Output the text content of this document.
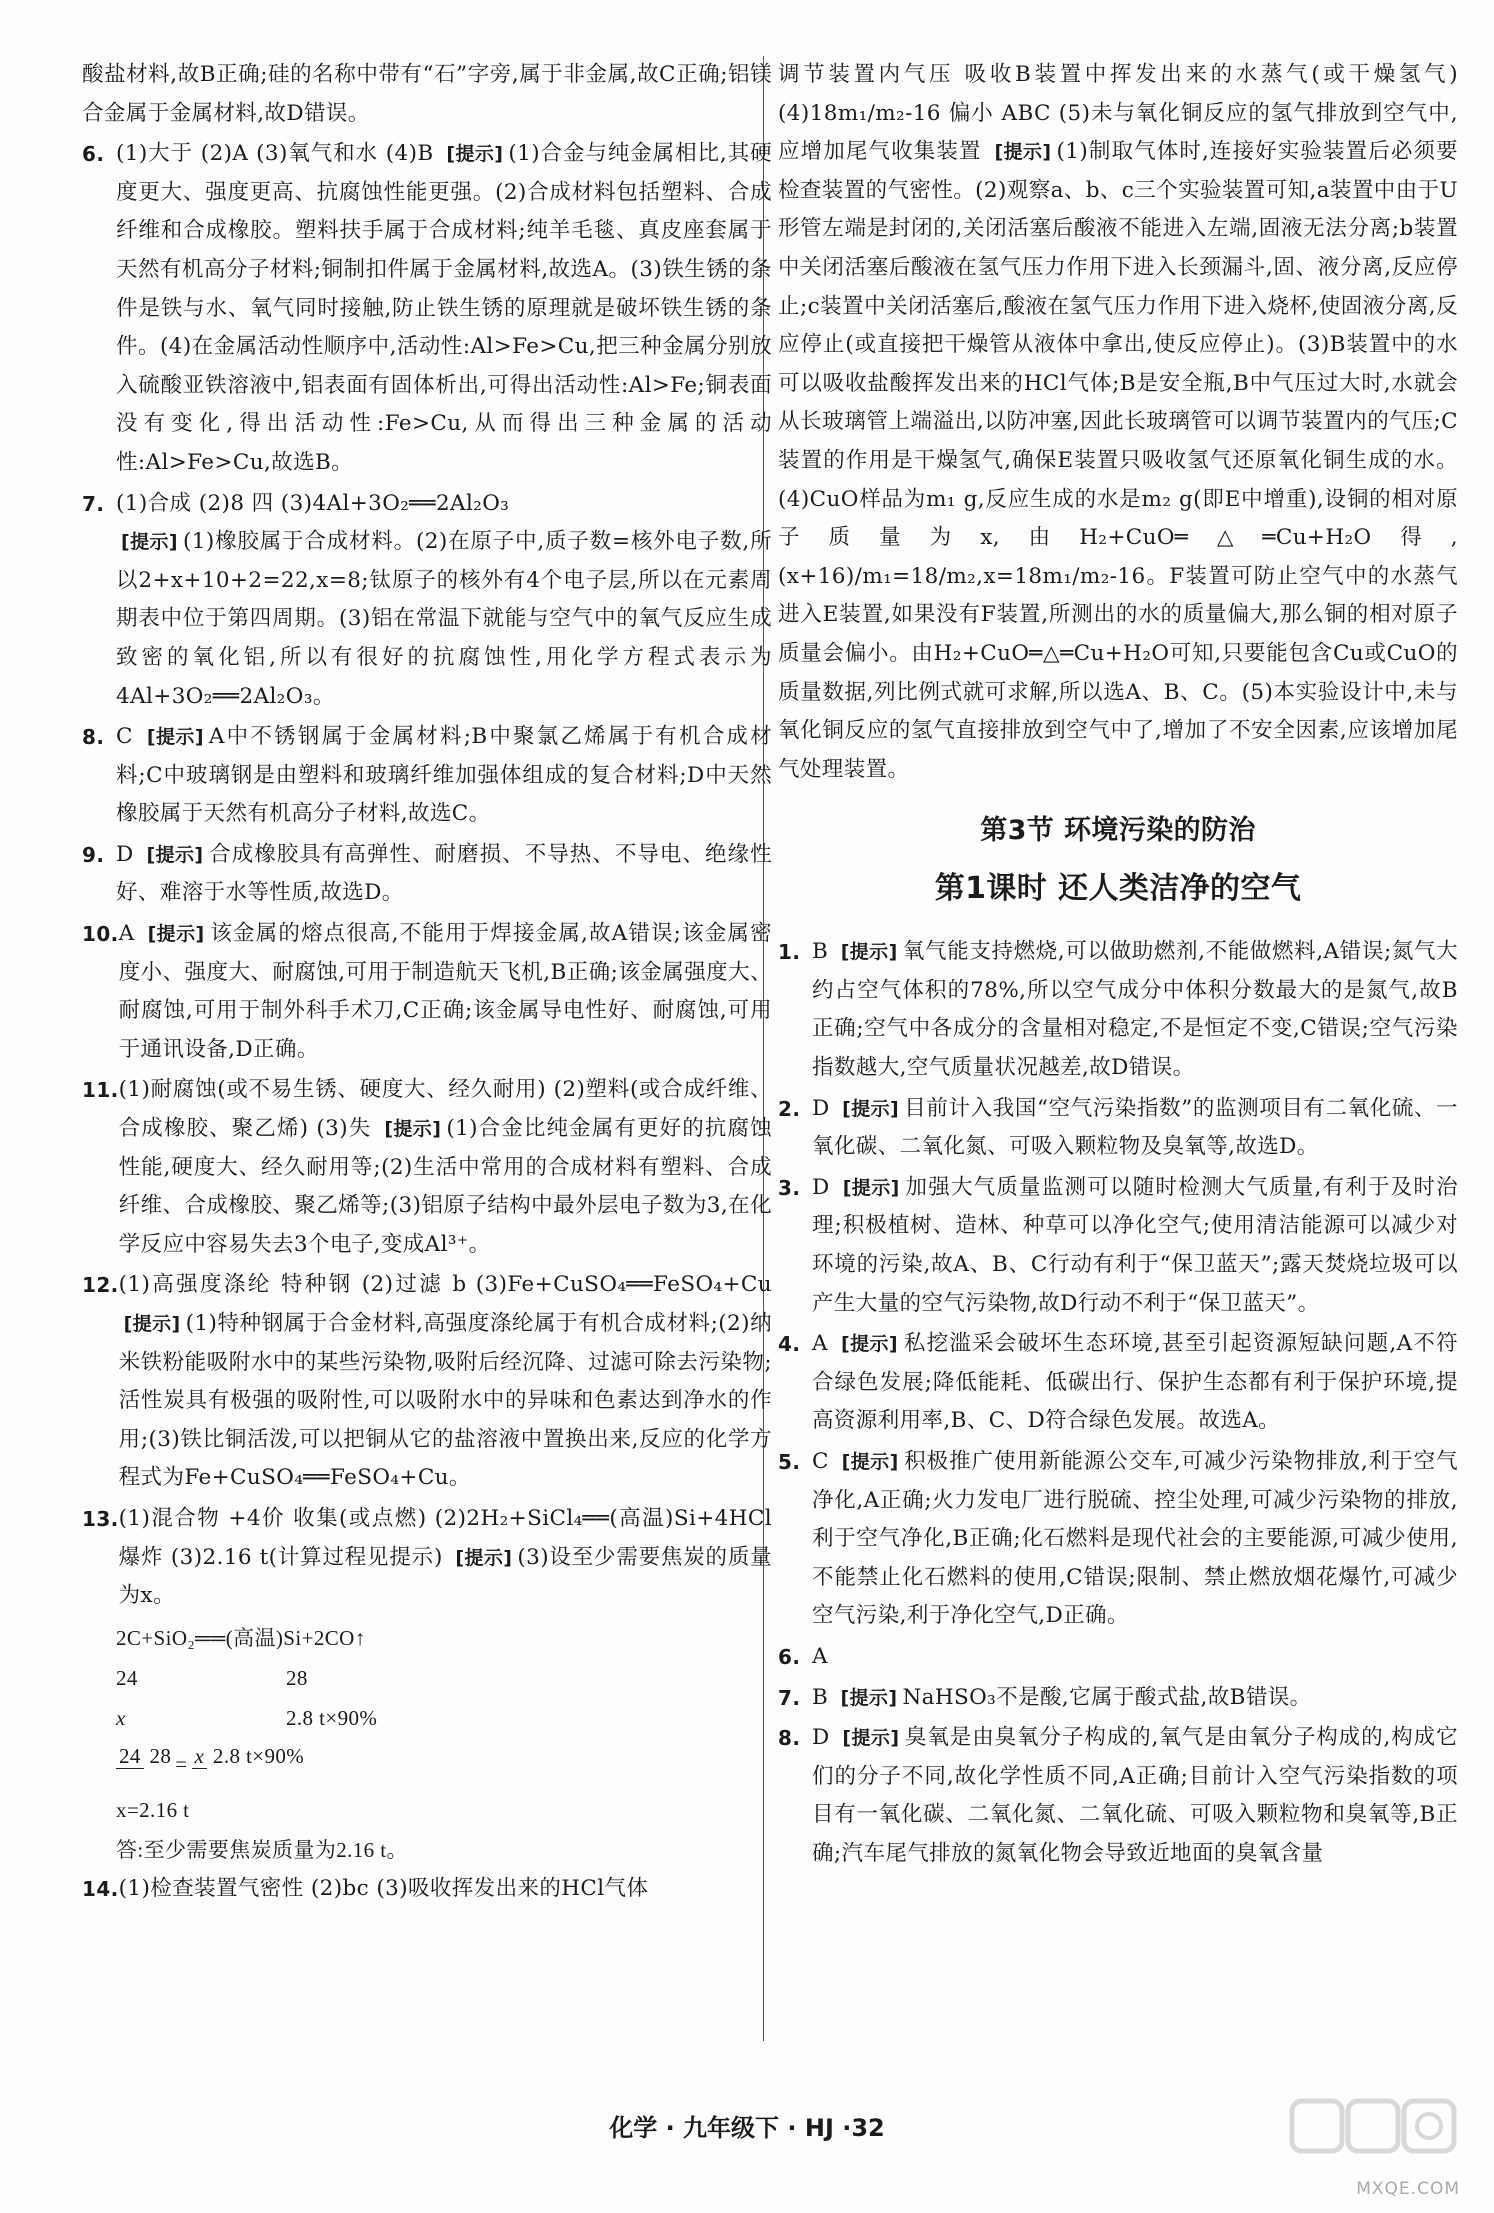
酸盐材料,故B正确;硅的名称中带有“石”字旁,属于非金属,故C正确;铝镁合金属于金属材料,故D错误。

6. (1)大于 (2)A (3)氧气和水 (4)B [提示] (1)合金与纯金属相比,其硬度更大、强度更高、抗腐蚀性能更强。(2)合成材料包括塑料、合成纤维和合成橡胶。塑料扶手属于合成材料;纯羊毛毯、真皮座套属于天然有机高分子材料;铜制扣件属于金属材料,故选A。(3)铁生锈的条件是铁与水、氧气同时接触,防止铁生锈的原理就是破坏铁生锈的条件。(4)在金属活动性顺序中,活动性:Al>Fe>Cu,把三种金属分别放入硫酸亚铁溶液中,铝表面有固体析出,可得出活动性:Al>Fe;铜表面没有变化,得出活动性:Fe>Cu,从而得出三种金属的活动性:Al>Fe>Cu,故选B。
7. (1)合成 (2)8 四 (3)4Al+3O₂══2Al₂O₃
[提示] (1)橡胶属于合成材料。(2)在原子中,质子数=核外电子数,所以2+x+10+2=22,x=8;钛原子的核外有4个电子层,所以在元素周期表中位于第四周期。(3)铝在常温下就能与空气中的氧气反应生成致密的氧化铝,所以有很好的抗腐蚀性,用化学方程式表示为4Al+3O₂══2Al₂O₃。
8. C [提示] A中不锈钢属于金属材料;B中聚氯乙烯属于有机合成材料;C中玻璃钢是由塑料和玻璃纤维加强体组成的复合材料;D中天然橡胶属于天然有机高分子材料,故选C。
9. D [提示] 合成橡胶具有高弹性、耐磨损、不导热、不导电、绝缘性好、难溶于水等性质,故选D。
10. A [提示] 该金属的熔点很高,不能用于焊接金属,故A错误;该金属密度小、强度大、耐腐蚀,可用于制造航天飞机,B正确;该金属强度大、耐腐蚀,可用于制外科手术刀,C正确;该金属导电性好、耐腐蚀,可用于通讯设备,D正确。
11. (1)耐腐蚀(或不易生锈、硬度大、经久耐用) (2)塑料(或合成纤维、合成橡胶、聚乙烯) (3)失 [提示] (1)合金比纯金属有更好的抗腐蚀性能,硬度大、经久耐用等;(2)生活中常用的合成材料有塑料、合成纤维、合成橡胶、聚乙烯等;(3)铝原子结构中最外层电子数为3,在化学反应中容易失去3个电子,变成Al³⁺。
12. (1)高强度涤纶 特种钢 (2)过滤 b (3)Fe+CuSO₄══FeSO₄+Cu [提示] (1)特种钢属于合金材料,高强度涤纶属于有机合成材料;(2)纳米铁粉能吸附水中的某些污染物,吸附后经沉降、过滤可除去污染物;活性炭具有极强的吸附性,可以吸附水中的异味和色素达到净水的作用;(3)铁比铜活泼,可以把铜从它的盐溶液中置换出来,反应的化学方程式为Fe+CuSO₄══FeSO₄+Cu。
13. (1)混合物 +4价 收集(或点燃) (2)2H₂+SiCl₄══(高温)Si+4HCl 爆炸 (3)2.16 t(计算过程见提示) [提示] (3)设至少需要焦炭的质量为x。
2C+SiO₂══(高温)Si+2CO↑
24	28
x	2.8 t×90%
24 28 = x 2.8 t×90%
x=2.16 t
答:至少需要焦炭质量为2.16 t。
14. (1)检查装置气密性 (2)bc (3)吸收挥发出来的HCl气体

调节装置内气压 吸收B装置中挥发出来的水蒸气(或干燥氢气) (4)18m₁/m₂-16 偏小 ABC (5)未与氧化铜反应的氢气排放到空气中,应增加尾气收集装置 [提示] (1)制取气体时,连接好实验装置后必须要检查装置的气密性。(2)观察a、b、c三个实验装置可知,a装置中由于U形管左端是封闭的,关闭活塞后酸液不能进入左端,固液无法分离;b装置中关闭活塞后酸液在氢气压力作用下进入长颈漏斗,固、液分离,反应停止;c装置中关闭活塞后,酸液在氢气压力作用下进入烧杯,使固液分离,反应停止(或直接把干燥管从液体中拿出,使反应停止)。(3)B装置中的水可以吸收盐酸挥发出来的HCl气体;B是安全瓶,B中气压过大时,水就会从长玻璃管上端溢出,以防冲塞,因此长玻璃管可以调节装置内的气压;C装置的作用是干燥氢气,确保E装置只吸收氢气还原氧化铜生成的水。(4)CuO样品为m₁ g,反应生成的水是m₂ g(即E中增重),设铜的相对原子质量为x,由H₂+CuO═△═Cu+H₂O得,(x+16)/m₁=18/m₂,x=18m₁/m₂-16。F装置可防止空气中的水蒸气进入E装置,如果没有F装置,所测出的水的质量偏大,那么铜的相对原子质量会偏小。由H₂+CuO═△═Cu+H₂O可知,只要能包含Cu或CuO的质量数据,列比例式就可求解,所以选A、B、C。(5)本实验设计中,未与氧化铜反应的氢气直接排放到空气中了,增加了不安全因素,应该增加尾气处理装置。

第3节 环境污染的防治
第1课时 还人类洁净的空气
1. B [提示] 氧气能支持燃烧,可以做助燃剂,不能做燃料,A错误;氮气大约占空气体积的78%,所以空气成分中体积分数最大的是氮气,故B正确;空气中各成分的含量相对稳定,不是恒定不变,C错误;空气污染指数越大,空气质量状况越差,故D错误。
2. D [提示] 目前计入我国“空气污染指数”的监测项目有二氧化硫、一氧化碳、二氧化氮、可吸入颗粒物及臭氧等,故选D。
3. D [提示] 加强大气质量监测可以随时检测大气质量,有利于及时治理;积极植树、造林、种草可以净化空气;使用清洁能源可以减少对环境的污染,故A、B、C行动有利于“保卫蓝天”;露天焚烧垃圾可以产生大量的空气污染物,故D行动不利于“保卫蓝天”。
4. A [提示] 私挖滥采会破坏生态环境,甚至引起资源短缺问题,A不符合绿色发展;降低能耗、低碳出行、保护生态都有利于保护环境,提高资源利用率,B、C、D符合绿色发展。故选A。
5. C [提示] 积极推广使用新能源公交车,可减少污染物排放,利于空气净化,A正确;火力发电厂进行脱硫、控尘处理,可减少污染物的排放,利于空气净化,B正确;化石燃料是现代社会的主要能源,可减少使用,不能禁止化石燃料的使用,C错误;限制、禁止燃放烟花爆竹,可减少空气污染,利于净化空气,D正确。
6. A
7. B [提示] NaHSO₃不是酸,它属于酸式盐,故B错误。
8. D [提示] 臭氧是由臭氧分子构成的,氧气是由氧分子构成的,构成它们的分子不同,故化学性质不同,A正确;目前计入空气污染指数的项目有一氧化碳、二氧化氮、二氧化硫、可吸入颗粒物和臭氧等,B正确;汽车尾气排放的氮氧化物会导致近地面的臭氧含量
化学 · 九年级下 · HJ ·32
MXQE.COM
